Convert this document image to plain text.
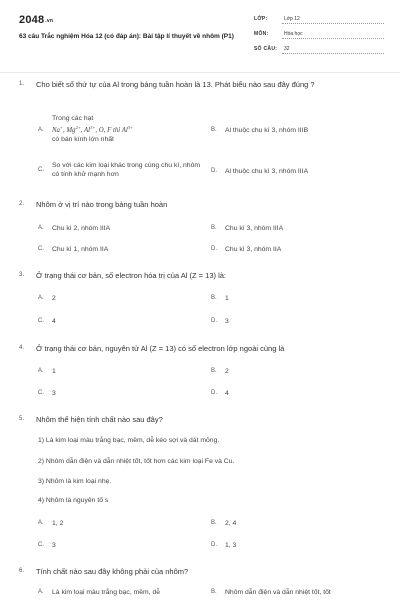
2048.vn
63 câu Trắc nghiệm Hóa 12 (có đáp án): Bài tập lí thuyết về nhôm (P1)
LỚP:	Lớp 12
MÔN:	Hóa học
SỐ CÂU: 32
1. Cho biết số thứ tự của Al trong bảng tuần hoàn là 13. Phát biểu nào sau đây đúng ?
A.
Trong các hạt
Na+, $Mg^{2+}$, $Al^{3+}$, O, F thì $Al^{3+}$
có bán kính lớn nhất
B. Al thuộc chu kì 3, nhóm IIIB
C.
So với các kim loại khác trong cùng chu kì, nhôm có tính khử mạnh hơn	D. Al thuộc chu kì 3, nhóm IIIA
2. Nhôm ở vị trí nào trong bảng tuần hoàn
A. Chu kì 2, nhóm IIIA	B. Chu kì 3, nhóm IIIA
C. Chu kì 1, nhóm IIA	D. Chu kì 3, nhóm IIA
3. Ở trạng thái cơ bản, số electron hóa trị của Al (Z = 13) là:
A. 2	B. 1
C. 4	D. 3
4. Ở trạng thái cơ bản, nguyên tử Al (Z = 13) có số electron lớp ngoài cùng là
A. 1	B. 2
C. 3	D. 4
5. Nhôm thể hiện tính chất nào sau đây?
1) Là kim loại màu trắng bạc, mềm, dễ kéo sợi và dát mỏng.
2) Nhôm dẫn điện và dẫn nhiệt tốt, tốt hơn các kim loại Fe và Cu.
3) Nhôm là kim loại nhẹ.
4) Nhôm là nguyên tố s
A. 1, 2	B. 2, 4
C. 3	D. 1, 3
6. Tính chất nào sau đây không phải của nhôm?
A. Là kim loại màu trắng bạc, mềm, dễ	B. Nhôm dẫn điện và dẫn nhiệt tốt, tốt
